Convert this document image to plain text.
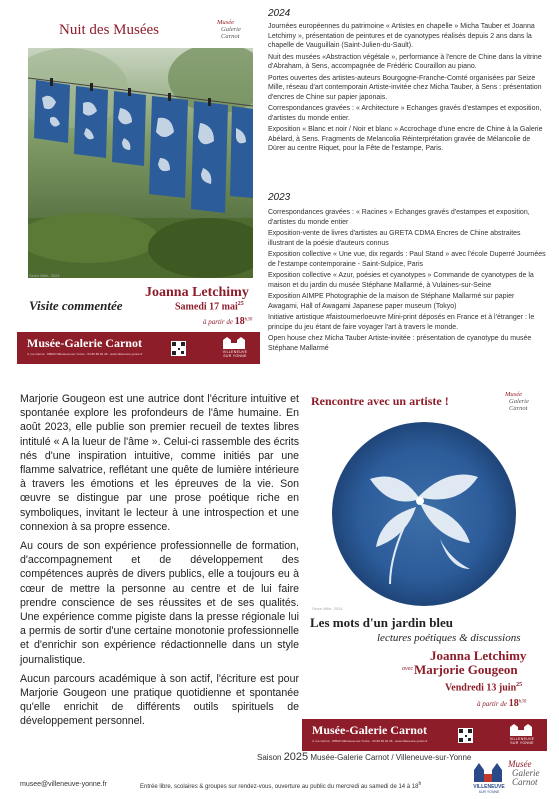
Nuit des Musées	Musée
Galerie
Carnot
Seize Mille, 2024
Joanna Letchimy
Visite commentée	Samedi 17 mai$^{25}$
à partir de $18^{h30}$
Musée-Galerie Carnot
4, rue Carnot · 89500 Villeneuve-sur-Yonne · 03 86 83 02 48 · www.villeneuve-yonne.fr	VILLENEUVE
SUR YONNE
2024

Journées européennes du patrimoine « Artistes en chapelle » Micha Tauber et Joanna Letchimy », présentation de peintures et de cyanotypes réalisés depuis 2 ans dans la chapelle de Vauguillain (Saint-Julien-du-Sault).

Nuit des musées «Abstraction végétale », performance à l'encre de Chine dans la vitrine d'Abraham, à Sens, accompagnée de Frédéric Couraillon au piano.

Portes ouvertes des artistes-auteurs Bourgogne-Franche-Comté organisées par Seize Mille, réseau d'art contemporain Artiste-invitée chez Micha Tauber, à Sens : présentation d'encres de Chine sur papier japonais.

Correspondances gravées : « Architecture » Echanges gravés d'estampes et exposition, d'artistes du monde entier.

Exposition « Blanc et noir / Noir et blanc » Accrochage d'une encre de Chine à la Galerie Abélard, à Sens. Fragments de Melancolia Réinterprétation gravée de Mélancolie de Dürer au centre Riquet, pour la Fête de l'estampe, Paris.

2023

Correspondances gravées : « Racines » Echanges gravés d'estampes et exposition, d'artistes du monde entier

Exposition-vente de livres d'artistes au GRETA CDMA Encres de Chine abstraites illustrant de la poésie d'auteurs connus

Exposition collective « Une vue, dix regards : Paul Stand » avec l'école Duperré Journées de l'estampe contemporaine - Saint-Sulpice, Paris

Exposition collective « Azur, poésies et cyanotypes » Commande de cyanotypes de la maison et du jardin du musée Stéphane Mallarmé, à Vulaines-sur-Seine

Exposition AIMPE Photographie de la maison de Stéphane Mallarmé sur papier Awagami, Hall of Awagami Japanese paper museum (Tokyo)

Initiative artistique #faistournerloeuvre Mini-print déposés en France et à l'étranger : le principe du jeu étant de faire voyager l'art à travers le monde.

Open house chez Micha Tauber Artiste-invitée : présentation de cyanotype du musée Stéphane Mallarmé

Marjorie Gougeon est une autrice dont l'écriture intuitive et spontanée explore les profondeurs de l'âme humaine. En août 2023, elle publie son premier recueil de textes libres intitulé « A la lueur de l'âme ». Celui-ci rassemble des écrits nés d'une inspiration intuitive, comme initiés par une flamme salvatrice, reflétant une quête de lumière intérieure à travers les émotions et les épreuves de la vie. Son œuvre se distingue par une prose poétique riche en symboliques, invitant le lecteur à une introspection et une connexion à sa propre essence.

Au cours de son expérience professionnelle de formation, d'accompagnement et de développement des compétences auprès de divers publics, elle a toujours eu à cœur de mettre la personne au centre et de lui faire prendre conscience de ses réussites et de ses qualités. Une expérience comme pigiste dans la presse régionale lui a permis de sortir d'une certaine monotonie professionnelle et d'enrichir son expérience rédactionnelle dans un style journalistique.

Aucun parcours académique à son actif, l'écriture est pour Marjorie Gougeon une pratique quotidienne et spontanée qu'elle enrichit de différents outils spirituels de développement personnel.

Rencontre avec un artiste !	Musée
Galerie
Carnot
Seize Mille, 2024
Les mots d'un jardin bleu
lectures poétiques & discussions
Joanna Letchimy
avec Marjorie Gougeon
Vendredi 13 juin$^{25}$
à partir de $18^{h30}$
Musée-Galerie Carnot
4, rue Carnot · 89500 Villeneuve-sur-Yonne · 03 86 83 02 48 · www.villeneuve-yonne.fr	VILLENEUVE
SUR YONNE
Saison 2025 Musée-Galerie Carnot / Villeneuve-sur-Yonne
musee@villeneuve-yonne.fr	Entrée libre, scolaires & groupes sur rendez-vous, ouverture au public du mercredi au samedi de 14 à 18$^h$	VILLENEUVE
SUR YONNE
Musée
Galerie
Carnot
